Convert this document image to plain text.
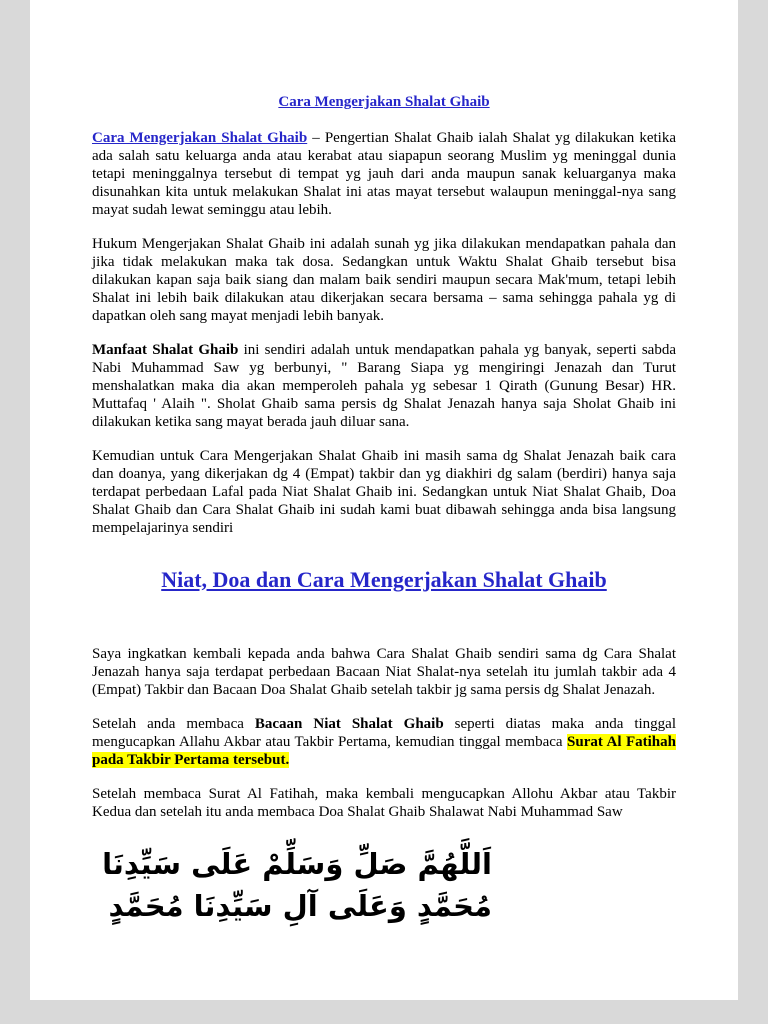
Cara Mengerjakan Shalat Ghaib

Cara Mengerjakan Shalat Ghaib – Pengertian Shalat Ghaib ialah Shalat yg dilakukan ketika ada salah satu keluarga anda atau kerabat atau siapapun seorang Muslim yg meninggal dunia tetapi meninggalnya tersebut di tempat yg jauh dari anda maupun sanak keluarganya maka disunahkan kita untuk melakukan Shalat ini atas mayat tersebut walaupun meninggal-nya sang mayat sudah lewat seminggu atau lebih.

Hukum Mengerjakan Shalat Ghaib ini adalah sunah yg jika dilakukan mendapatkan pahala dan jika tidak melakukan maka tak dosa. Sedangkan untuk Waktu Shalat Ghaib tersebut bisa dilakukan kapan saja baik siang dan malam baik sendiri maupun secara Mak'mum, tetapi lebih Shalat ini lebih baik dilakukan atau dikerjakan secara bersama – sama sehingga pahala yg di dapatkan oleh sang mayat menjadi lebih banyak.

Manfaat Shalat Ghaib ini sendiri adalah untuk mendapatkan pahala yg banyak, seperti sabda Nabi Muhammad Saw yg berbunyi, " Barang Siapa yg mengiringi Jenazah dan Turut menshalatkan maka dia akan memperoleh pahala yg sebesar 1 Qirath (Gunung Besar) HR. Muttafaq ' Alaih ". Sholat Ghaib sama persis dg Shalat Jenazah hanya saja Sholat Ghaib ini dilakukan ketika sang mayat berada jauh diluar sana.

Kemudian untuk Cara Mengerjakan Shalat Ghaib ini masih sama dg Shalat Jenazah baik cara dan doanya, yang dikerjakan dg 4 (Empat) takbir dan yg diakhiri dg salam (berdiri) hanya saja terdapat perbedaan Lafal pada Niat Shalat Ghaib ini. Sedangkan untuk Niat Shalat Ghaib, Doa Shalat Ghaib dan Cara Shalat Ghaib ini sudah kami buat dibawah sehingga anda bisa langsung mempelajarinya sendiri

Niat, Doa dan Cara Mengerjakan Shalat Ghaib

Saya ingkatkan kembali kepada anda bahwa Cara Shalat Ghaib sendiri sama dg Cara Shalat Jenazah hanya saja terdapat perbedaan Bacaan Niat Shalat-nya setelah itu jumlah takbir ada 4 (Empat) Takbir dan Bacaan Doa Shalat Ghaib setelah takbir jg sama persis dg Shalat Jenazah.

Setelah anda membaca Bacaan Niat Shalat Ghaib seperti diatas maka anda tinggal mengucapkan Allahu Akbar atau Takbir Pertama, kemudian tinggal membaca Surat Al Fatihah pada Takbir Pertama tersebut.

Setelah membaca Surat Al Fatihah, maka kembali mengucapkan Allohu Akbar atau Takbir Kedua dan setelah itu anda membaca Doa Shalat Ghaib Shalawat Nabi Muhammad Saw

اَللَّهُمَّ صَلِّ وَسَلِّمْ عَلَى سَيِّدِنَا مُحَمَّدٍ وَعَلَى آلِ سَيِّدِنَا مُحَمَّدٍ
